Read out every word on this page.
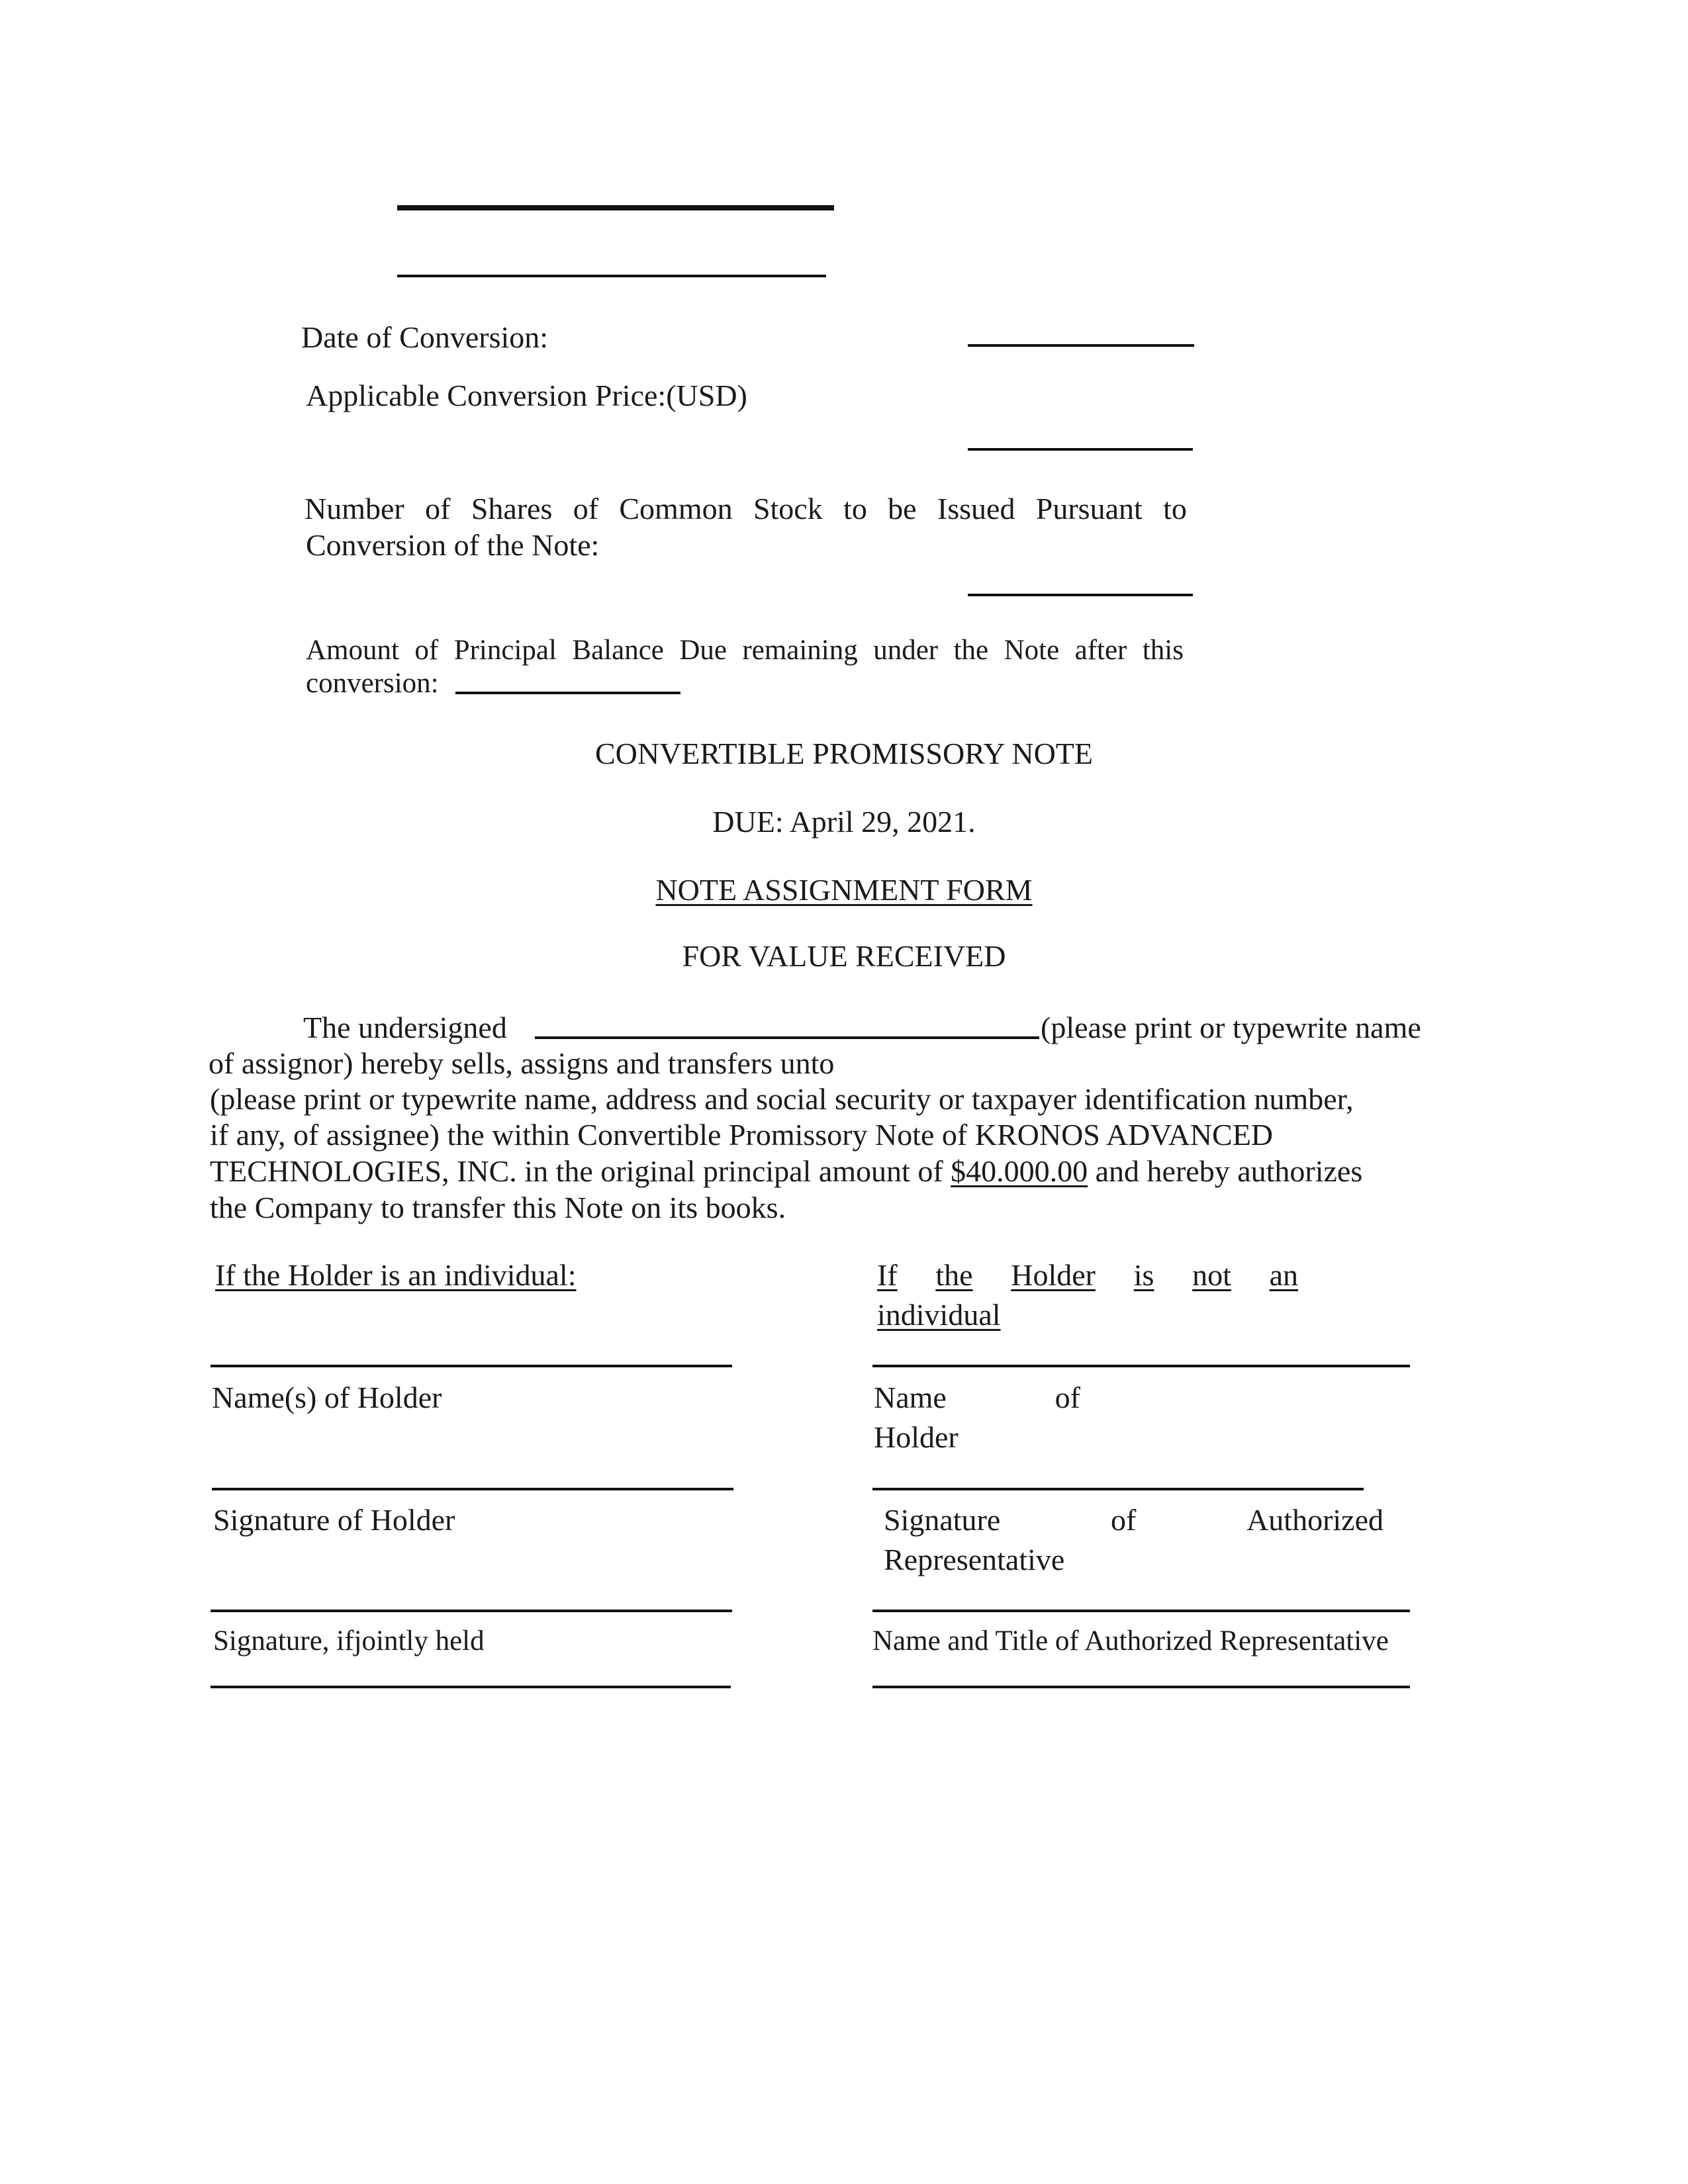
Date of Conversion:
Applicable Conversion Price:(USD)
Number of Shares of Common Stock to be Issued Pursuant to
Conversion of the Note:
Amount of Principal Balance Due remaining under the Note after this
conversion:
CONVERTIBLE PROMISSORY NOTE
DUE: April 29, 2021.
NOTE ASSIGNMENT FORM
FOR VALUE RECEIVED
The undersigned	(please print or typewrite name
of assignor) hereby sells, assigns and transfers unto
(please print or typewrite name, address and social security or taxpayer identification number,
if any, of assignee) the within Convertible Promissory Note of KRONOS ADVANCED
TECHNOLOGIES, INC. in the original principal amount of $40.000.00 and hereby authorizes
the Company to transfer this Note on its books.
If the Holder is an individual:
Name(s) of Holder
Signature of Holder
Signature, ifjointly held
If the Holder is not an
individual
Name	of
Holder
Signature	of	Authorized
Representative
Name and Title of Authorized Representative
